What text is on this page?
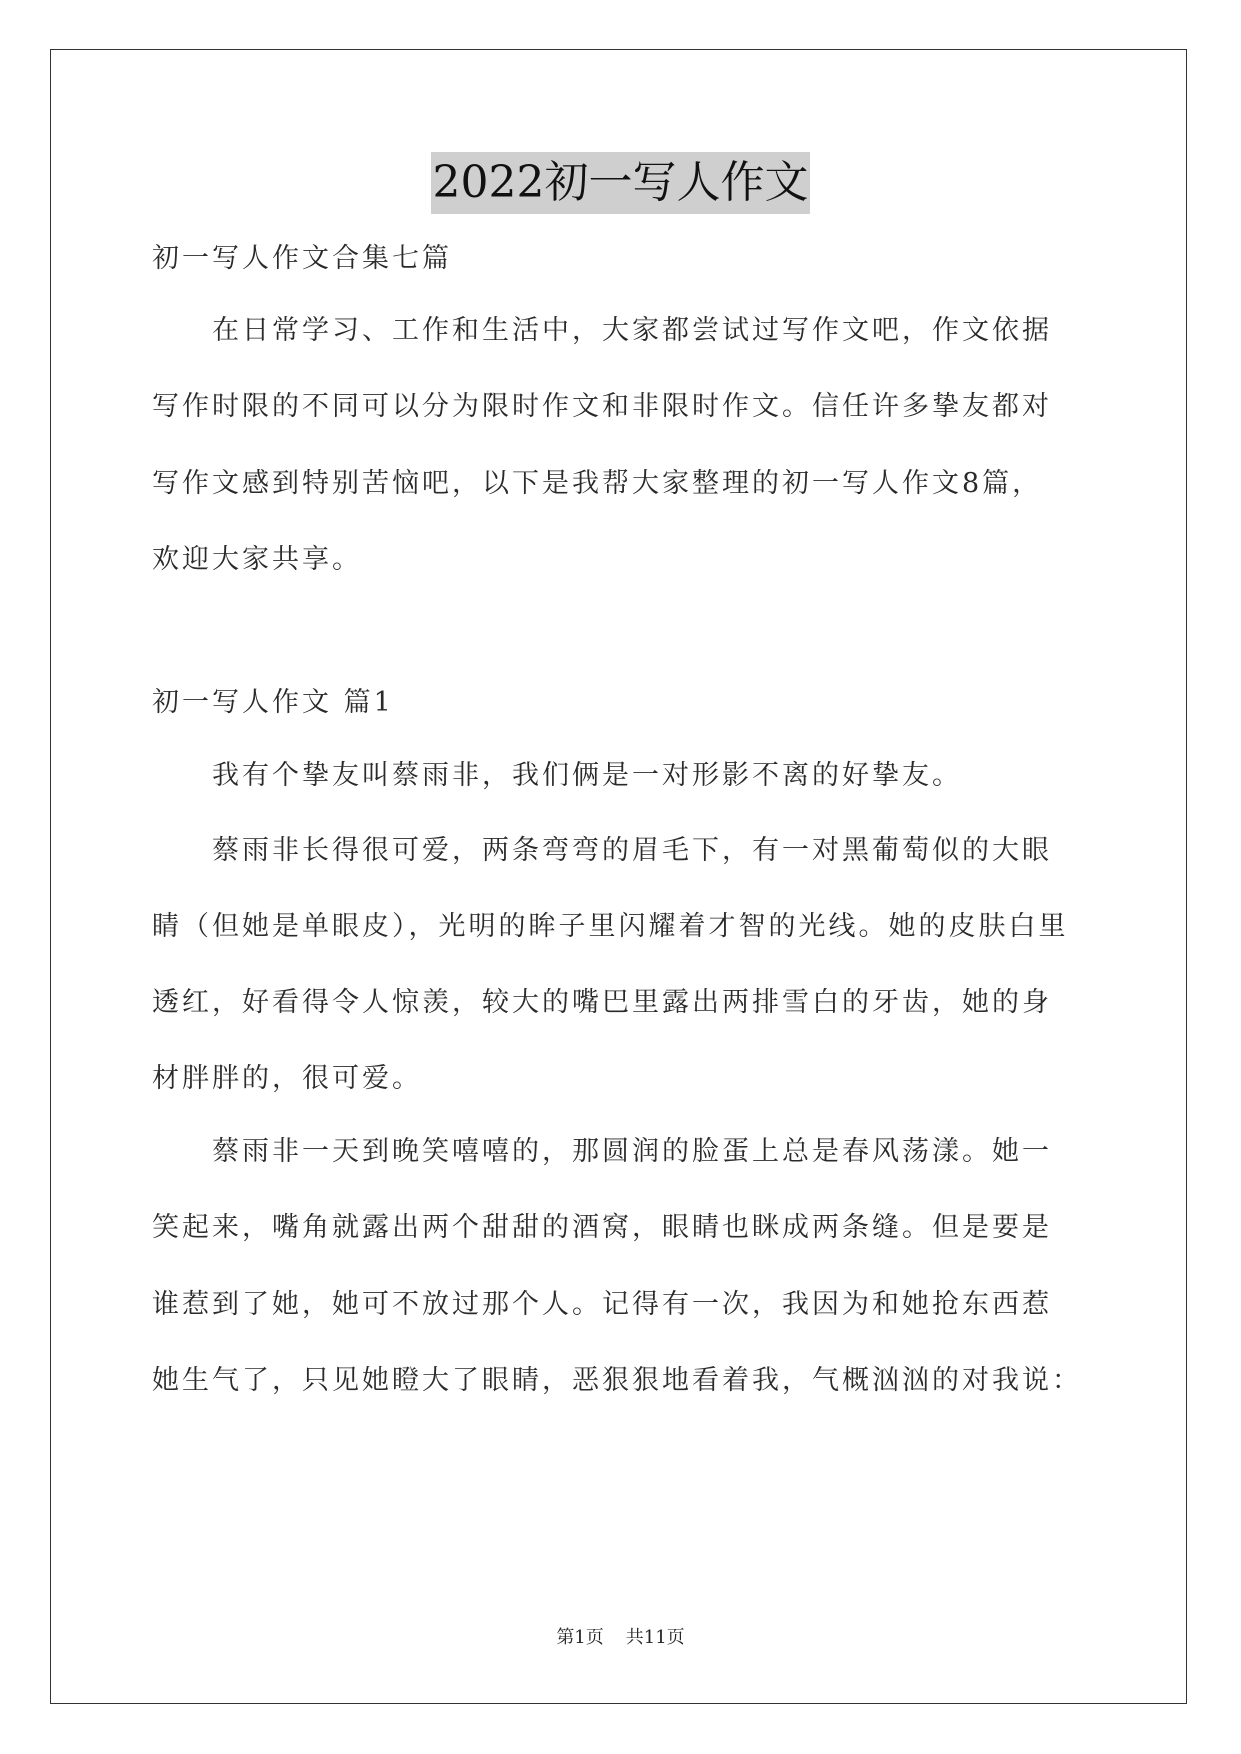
2022初一写人作文
初一写人作文合集七篇
在日常学习、工作和生活中，大家都尝试过写作文吧，作文依据
写作时限的不同可以分为限时作文和非限时作文。信任许多挚友都对
写作文感到特别苦恼吧，以下是我帮大家整理的初一写人作文8篇，
欢迎大家共享。
初一写人作文 篇1
我有个挚友叫蔡雨非，我们俩是一对形影不离的好挚友。
蔡雨非长得很可爱，两条弯弯的眉毛下，有一对黑葡萄似的大眼
睛（但她是单眼皮），光明的眸子里闪耀着才智的光线。她的皮肤白里
透红，好看得令人惊羡，较大的嘴巴里露出两排雪白的牙齿，她的身
材胖胖的，很可爱。
蔡雨非一天到晚笑嘻嘻的，那圆润的脸蛋上总是春风荡漾。她一
笑起来，嘴角就露出两个甜甜的酒窝，眼睛也眯成两条缝。但是要是
谁惹到了她，她可不放过那个人。记得有一次，我因为和她抢东西惹
她生气了，只见她瞪大了眼睛，恶狠狠地看着我，气概汹汹的对我说：
第1页 共11页
